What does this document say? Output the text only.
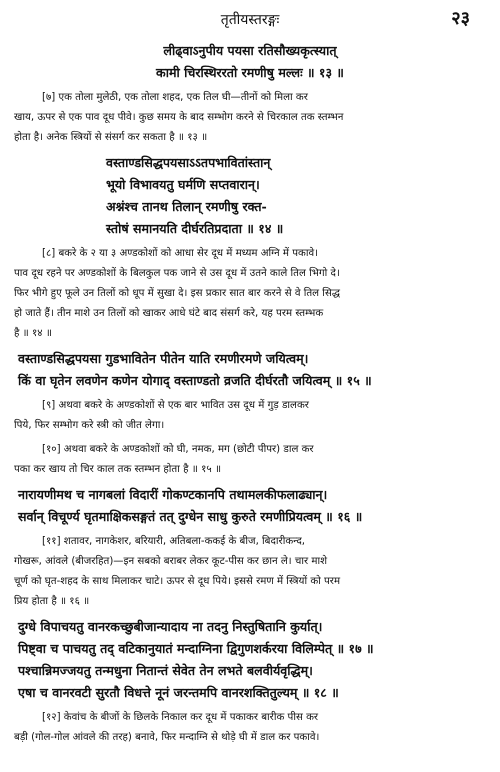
तृतीयस्तरङ्गः	२३
लीढ्वाऽनुपीय पयसा रतिसौख्यकृत्स्यात्
कामी चिरस्थिररतो रमणीषु मल्लः ॥ १३ ॥
[७] एक तोला मुलेठी, एक तोला शहद, एक तिल घी—तीनों को मिला कर
खाय, ऊपर से एक पाव दूध पीवे। कुछ समय के बाद सम्भोग करने से चिरकाल तक स्तम्भन
होता है। अनेक स्त्रियों से संसर्ग कर सकता है ॥ १३ ॥
वस्ताण्डसिद्धपयसाऽऽतपभावितांस्तान्
भूयो विभावयतु घर्मणि सप्तवारान्।
अश्नंश्च तानथ तिलान् रमणीषु रक्त-
स्तोषं समानयति दीर्घरतिप्रदाता ॥ १४ ॥
[८] बकरे के २ या ३ अण्डकोशों को आधा सेर दूध में मध्यम अग्नि में पकावे।
पाव दूध रहने पर अण्डकोशों के बिलकुल पक जाने से उस दूध में उतने काले तिल भिगो दे।
फिर भीगे हुए फूले उन तिलों को धूप में सुखा दे। इस प्रकार सात बार करने से वे तिल सिद्ध
हो जाते हैं। तीन माशे उन तिलों को खाकर आधे घंटे बाद संसर्ग करे, यह परम स्तम्भक
है ॥ १४ ॥
वस्ताण्डसिद्धपयसा गुडभावितेन पीतेन याति रमणीरमणे जयित्वम्।
किं वा घृतेन लवणेन कणेन योगाद् वस्ताण्डतो व्रजति दीर्घरतौ जयित्वम् ॥ १५ ॥
[९] अथवा बकरे के अण्डकोशों से एक बार भावित उस दूध में गुड़ डालकर
पिये, फिर सम्भोग करे स्त्री को जीत लेगा।
[१०] अथवा बकरे के अण्डकोशों को घी, नमक, मग (छोटी पीपर) डाल कर
पका कर खाय तो चिर काल तक स्तम्भन होता है ॥ १५ ॥
नारायणीमथ च नागबलां विदारीं गोकण्टकानपि तथामलकीफलाढ्यान्।
सर्वान् विचूर्ण्य घृतमाक्षिकसङ्गतं तत् दुग्धेन साधु कुरुते रमणीप्रियत्वम् ॥ १६ ॥
[११] शतावर, नागकेशर, बरियारी, अतिबला-ककई के बीज, बिदारीकन्द,
गोखरू, आंवले (बीजरहित)—इन सबको बराबर लेकर कूट-पीस कर छान ले। चार माशे
चूर्ण को घृत-शहद के साथ मिलाकर चाटे। ऊपर से दूध पिये। इससे रमण में स्त्रियों को परम
प्रिय होता है ॥ १६ ॥
दुग्धे विपाचयतु वानरकच्छुबीजान्यादाय ना तदनु निस्तुषितानि कुर्यात्।
पिष्ट्वा च पाचयतु तद् वटिकानुयातं मन्दाग्निना द्विगुणशर्करया विलिम्पेत् ॥ १७ ॥
पश्चान्निमज्जयतु तन्मधुना नितान्तं सेवेत तेन लभते बलवीर्यवृद्धिम्।
एषा च वानरवटी सुरतौ विधत्ते नूनं जरन्तमपि वानरशक्तितुल्यम् ॥ १८ ॥
[१२] केवांच के बीजों के छिलके निकाल कर दूध में पकाकर बारीक पीस कर
बड़ी (गोल-गोल आंवले की तरह) बनावे, फिर मन्दाग्नि से थोड़े घी में डाल कर पकावे।
